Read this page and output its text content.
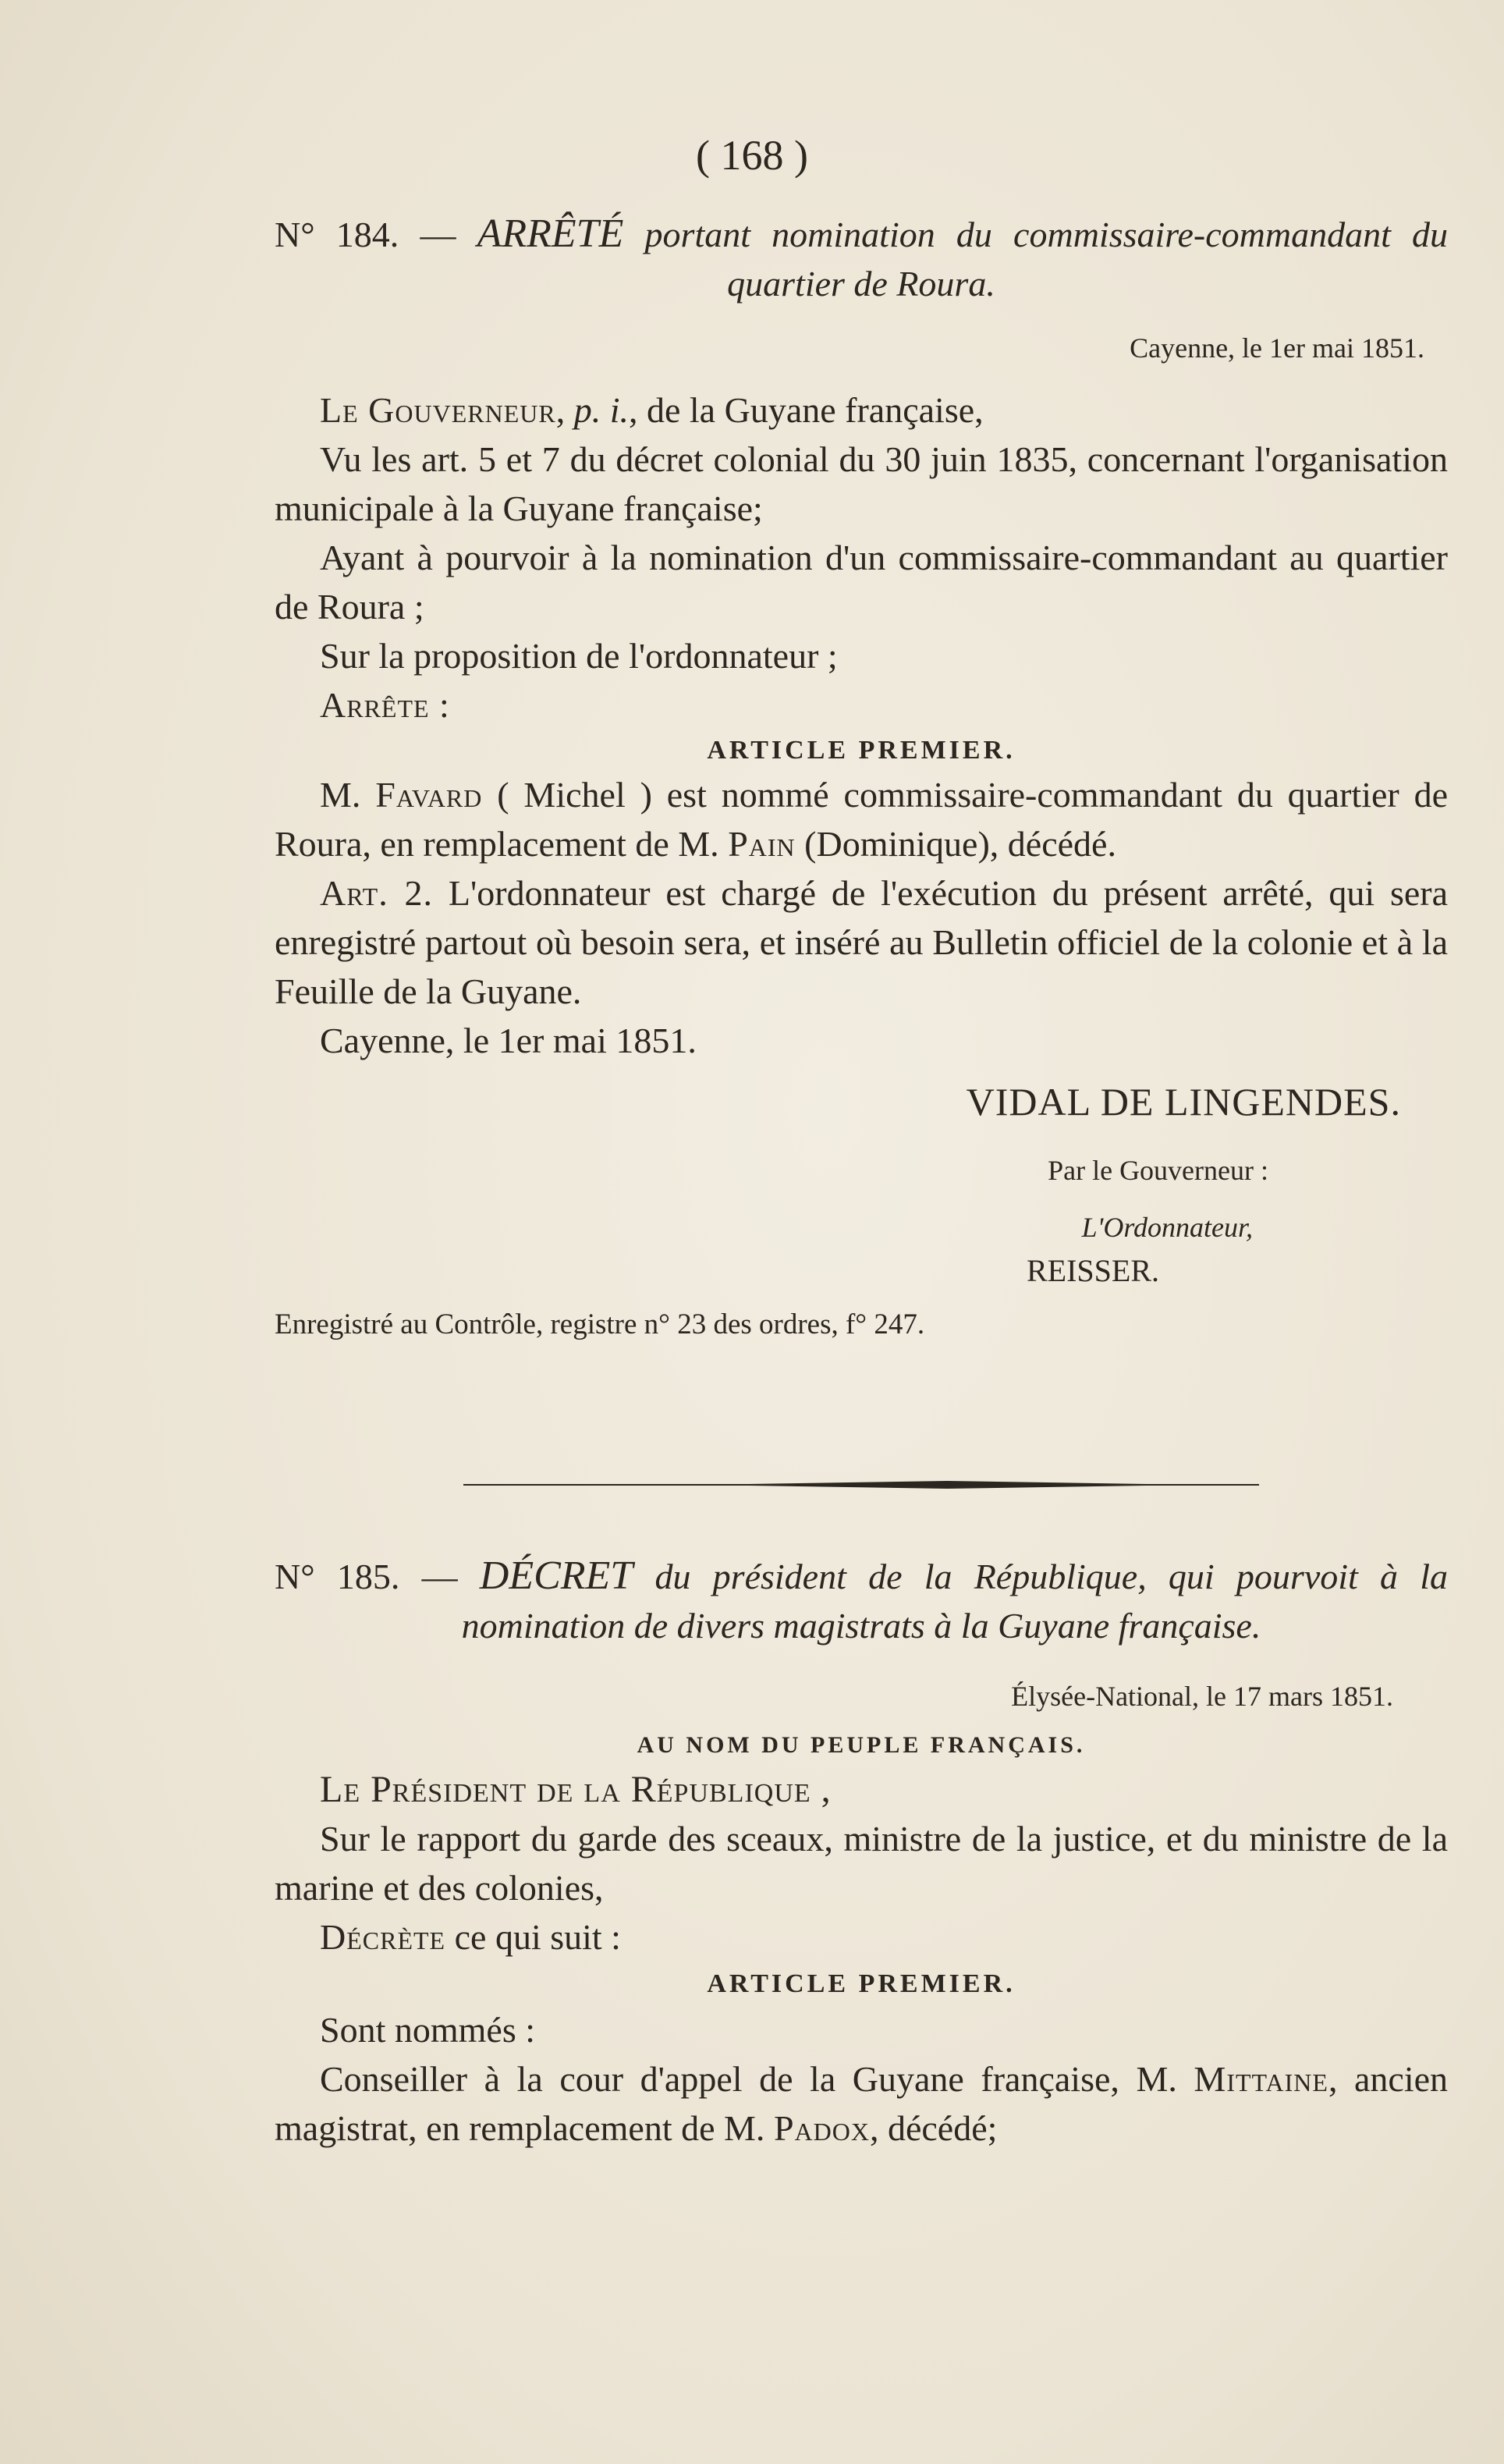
( 168 )

N° 184. — ARRÊTÉ portant nomination du commissaire-commandant du quartier de Roura.

Cayenne, le 1er mai 1851.

Le Gouverneur, p. i., de la Guyane française,

Vu les art. 5 et 7 du décret colonial du 30 juin 1835, concernant l'organisation municipale à la Guyane française;

Ayant à pourvoir à la nomination d'un commissaire-commandant au quartier de Roura ;

Sur la proposition de l'ordonnateur ;

Arrête :

ARTICLE PREMIER.

M. Favard ( Michel ) est nommé commissaire-commandant du quartier de Roura, en remplacement de M. Pain (Dominique), décédé.

Art. 2. L'ordonnateur est chargé de l'exécution du présent arrêté, qui sera enregistré partout où besoin sera, et inséré au Bulletin officiel de la colonie et à la Feuille de la Guyane.

Cayenne, le 1er mai 1851.

VIDAL DE LINGENDES.

Par le Gouverneur :

L'Ordonnateur,

REISSER.

Enregistré au Contrôle, registre n° 23 des ordres, f° 247.

N° 185. — DÉCRET du président de la République, qui pourvoit à la nomination de divers magistrats à la Guyane française.

Élysée-National, le 17 mars 1851.

AU NOM DU PEUPLE FRANÇAIS.

Le Président de la République ,

Sur le rapport du garde des sceaux, ministre de la justice, et du ministre de la marine et des colonies,

Décrète ce qui suit :

ARTICLE PREMIER.

Sont nommés :

Conseiller à la cour d'appel de la Guyane française, M. Mittaine, ancien magistrat, en remplacement de M. Padox, décédé;
